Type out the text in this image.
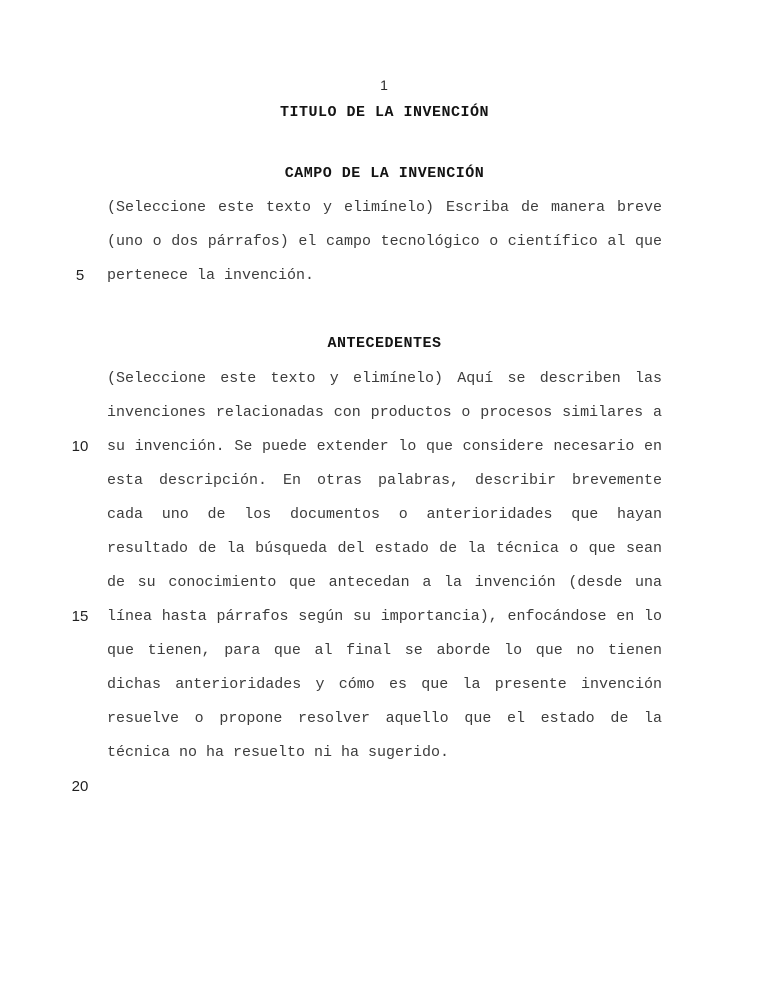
1
TITULO DE LA INVENCIÓN
CAMPO DE LA INVENCIÓN
(Seleccione este texto y elimínelo) Escriba de manera breve
(uno o dos párrafos) el campo tecnológico o científico al que
5	pertenece la invención.
ANTECEDENTES
(Seleccione este texto y elimínelo) Aquí se describen las
invenciones relacionadas con productos o procesos similares a
10	su invención. Se puede extender lo que considere necesario en
esta descripción. En otras palabras, describir brevemente
cada uno de los documentos o anterioridades que hayan
resultado de la búsqueda del estado de la técnica o que sean
de su conocimiento que antecedan a la invención (desde una
15	línea hasta párrafos según su importancia), enfocándose en lo
que tienen, para que al final se aborde lo que no tienen
dichas anterioridades y cómo es que la presente invención
resuelve o propone resolver aquello que el estado de la
técnica no ha resuelto ni ha sugerido.
20
